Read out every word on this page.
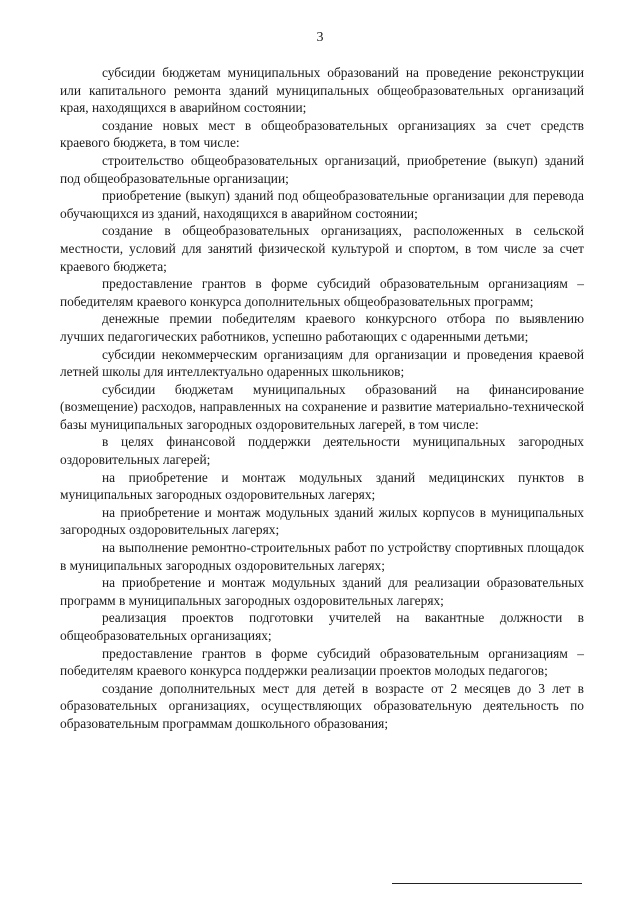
3

субсидии бюджетам муниципальных образований на проведение реконструкции или капитального ремонта зданий муниципальных общеобразовательных организаций края, находящихся в аварийном состоянии;

создание новых мест в общеобразовательных организациях за счет средств краевого бюджета, в том числе:

строительство общеобразовательных организаций, приобретение (выкуп) зданий под общеобразовательные организации;

приобретение (выкуп) зданий под общеобразовательные организации для перевода обучающихся из зданий, находящихся в аварийном состоянии;

создание в общеобразовательных организациях, расположенных в сельской местности, условий для занятий физической культурой и спортом, в том числе за счет краевого бюджета;

предоставление грантов в форме субсидий образовательным организациям – победителям краевого конкурса дополнительных общеобразовательных программ;

денежные премии победителям краевого конкурсного отбора по выявлению лучших педагогических работников, успешно работающих с одаренными детьми;

субсидии некоммерческим организациям для организации и проведения краевой летней школы для интеллектуально одаренных школьников;

субсидии бюджетам муниципальных образований на финансирование (возмещение) расходов, направленных на сохранение и развитие материально-технической базы муниципальных загородных оздоровительных лагерей, в том числе:

в целях финансовой поддержки деятельности муниципальных загородных оздоровительных лагерей;

на приобретение и монтаж модульных зданий медицинских пунктов в муниципальных загородных оздоровительных лагерях;

на приобретение и монтаж модульных зданий жилых корпусов в муниципальных загородных оздоровительных лагерях;

на выполнение ремонтно-строительных работ по устройству спортивных площадок в муниципальных загородных оздоровительных лагерях;

на приобретение и монтаж модульных зданий для реализации образовательных программ в муниципальных загородных оздоровительных лагерях;

реализация проектов подготовки учителей на вакантные должности в общеобразовательных организациях;

предоставление грантов в форме субсидий образовательным организациям – победителям краевого конкурса поддержки реализации проектов молодых педагогов;

создание дополнительных мест для детей в возрасте от 2 месяцев до 3 лет в образовательных организациях, осуществляющих образовательную деятельность по образовательным программам дошкольного образования;
